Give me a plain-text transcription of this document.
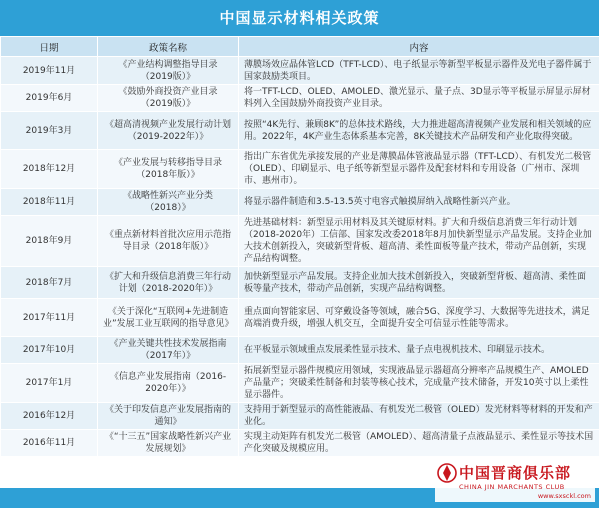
中国显示材料相关政策
日期	政策名称	内容
2019年11月	《产业结构调整指导目录（2019版）》	薄膜场效应晶体管LCD（TFT-LCD）、电子纸显示等新型平板显示器件及光电子器件属于国家鼓励类项目。
2019年6月	《鼓励外商投资产业目录（2019版）》	将一TFT-LCD、OLED、AMOLED、激光显示、量子点、3D显示等平板显示屏显示屏材料列入全国鼓励外商投资产业目录。
2019年3月	《超高清视频产业发展行动计划（2019-2022年）》	按照“4K先行、兼顾8K”的总体技术路线，大力推进超高清视频产业发展和相关领域的应用。2022年，4K产业生态体系基本完善，8K关键技术产品研发和产业化取得突破。
2018年12月	《产业发展与转移指导目录（2018年版）》	指出广东省优先承接发展的产业是薄膜晶体管液晶显示器（TFT-LCD）、有机发光二极管（OLED）、印刷显示、电子纸等新型显示器件及配套材料和专用设备（广州市、深圳市、惠州市）。
2018年11月	《战略性新兴产业分类（2018）》	将显示器件制造和3.5-13.5英寸电容式触摸屏纳入战略性新兴产业。
2018年9月	《重点新材料首批次应用示范指导目录（2018年版）》	先进基础材料：新型显示用材料及其关键原材料。扩大和升级信息消费三年行动计划（2018-2020年）工信部、国家发改委2018年8月加快新型显示产品发展。支持企业加大技术创新投入，突破新型背板、超高清、柔性面板等量产技术，带动产品创新，实现产品结构调整。
2018年7月	《扩大和升级信息消费三年行动计划（2018-2020年）》	加快新型显示产品发展。支持企业加大技术创新投入，突破新型背板、超高清、柔性面板等量产技术，带动产品创新，实现产品结构调整。
2017年11月	《关于深化“互联网+先进制造业”发展工业互联网的指导意见》	重点面向智能家居、可穿戴设备等领域，融合5G、深度学习、大数据等先进技术，满足高端消费升级，增强人机交互，全面提升安全可信显示性能等需求。
2017年10月	《产业关键共性技术发展指南（2017年）》	在平板显示领域重点发展柔性显示技术、量子点电视机技术、印刷显示技术。
2017年1月	《信息产业发展指南（2016-2020年）》	拓展新型显示器件规模应用领域，实现液晶显示器超高分辨率产品规模生产、AMOLED产品量产；突破柔性制备和封装等核心技术，完成量产技术储备，开发10英寸以上柔性显示器件。
2016年12月	《关于印发信息产业发展指南的通知》	支持用于新型显示的高性能液晶、有机发光二极管（OLED）发光材料等材料的开发和产业化。
2016年11月	《“十三五”国家战略性新兴产业发展规划》	实现主动矩阵有机发光二极管（AMOLED）、超高清量子点液晶显示、柔性显示等技术国产化突破及规模应用。
中国晋商俱乐部
CHINA JIN MARCHANTS CLUB
www.sxsckl.com
